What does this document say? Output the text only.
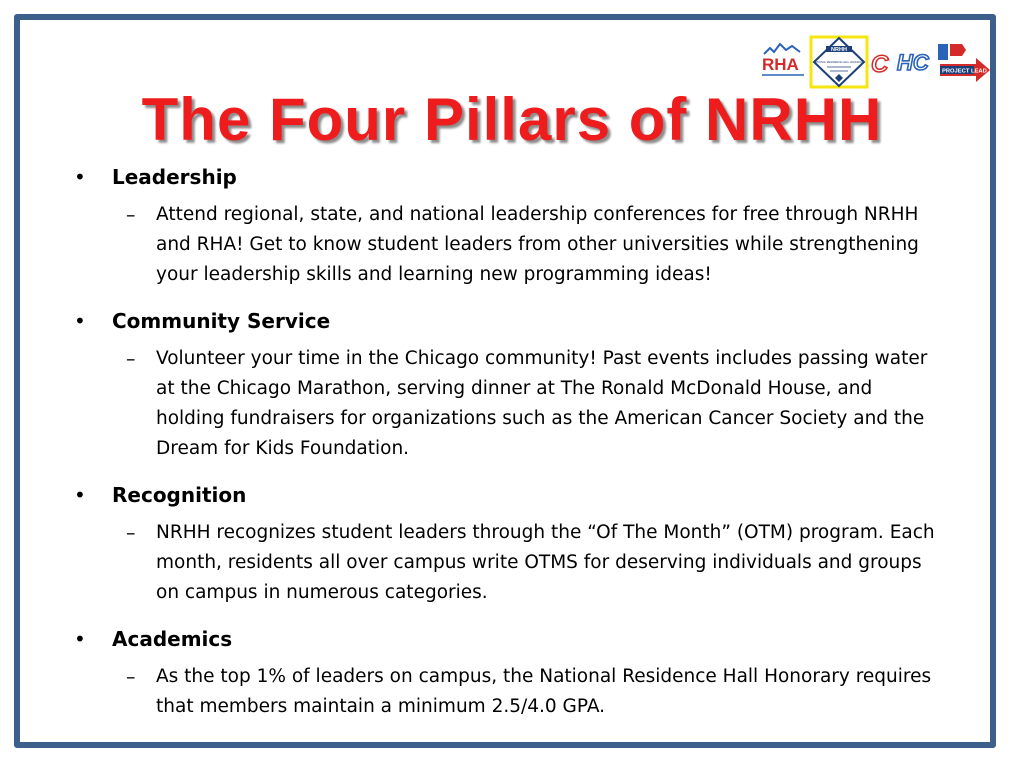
RHA
NRHH
NATIONAL RESIDENCE HALL HONORARY C HC PROJECT LEAD
The Four Pillars of NRHH
•	Leadership
–	Attend regional, state, and national leadership conferences for free through NRHH and RHA! Get to know student leaders from other universities while strengthening your leadership skills and learning new programming ideas!
•	Community Service
–	Volunteer your time in the Chicago community! Past events includes passing water at the Chicago Marathon, serving dinner at The Ronald McDonald House, and holding fundraisers for organizations such as the American Cancer Society and the Dream for Kids Foundation.
•	Recognition
–	NRHH recognizes student leaders through the “Of The Month” (OTM) program. Each month, residents all over campus write OTMS for deserving individuals and groups on campus in numerous categories.
•	Academics
–	As the top 1% of leaders on campus, the National Residence Hall Honorary requires that members maintain a minimum 2.5/4.0 GPA.
